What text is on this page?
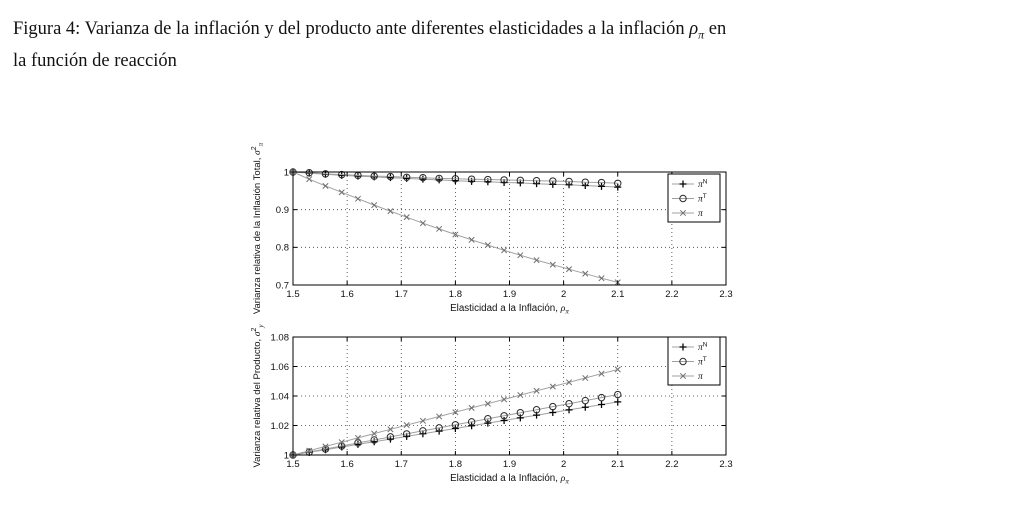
Figura 4: Varianza de la inflación y del producto ante diferentes elasticidades a la inflación $\rho_\pi$ en
la función de reacción
1.5	1.6	1.7	1.8	1.9	2	2.1	2.2	2.3
0.7
0.8
0.9
1
Elasticidad a la Inflación, $\rho_\pi$
Varianza relativa de la Inflación Total, $\sigma^2_\pi$
$\pi^N$
$\pi^T$
π
1.5	1.6	1.7	1.8	1.9	2	2.1	2.2	2.3
1
1.02
1.04
1.06
1.08
Elasticidad a la Inflación, $\rho_\pi$
Varianza relativa del Producto, $\sigma^2_y$
$\pi^N$
$\pi^T$
π
